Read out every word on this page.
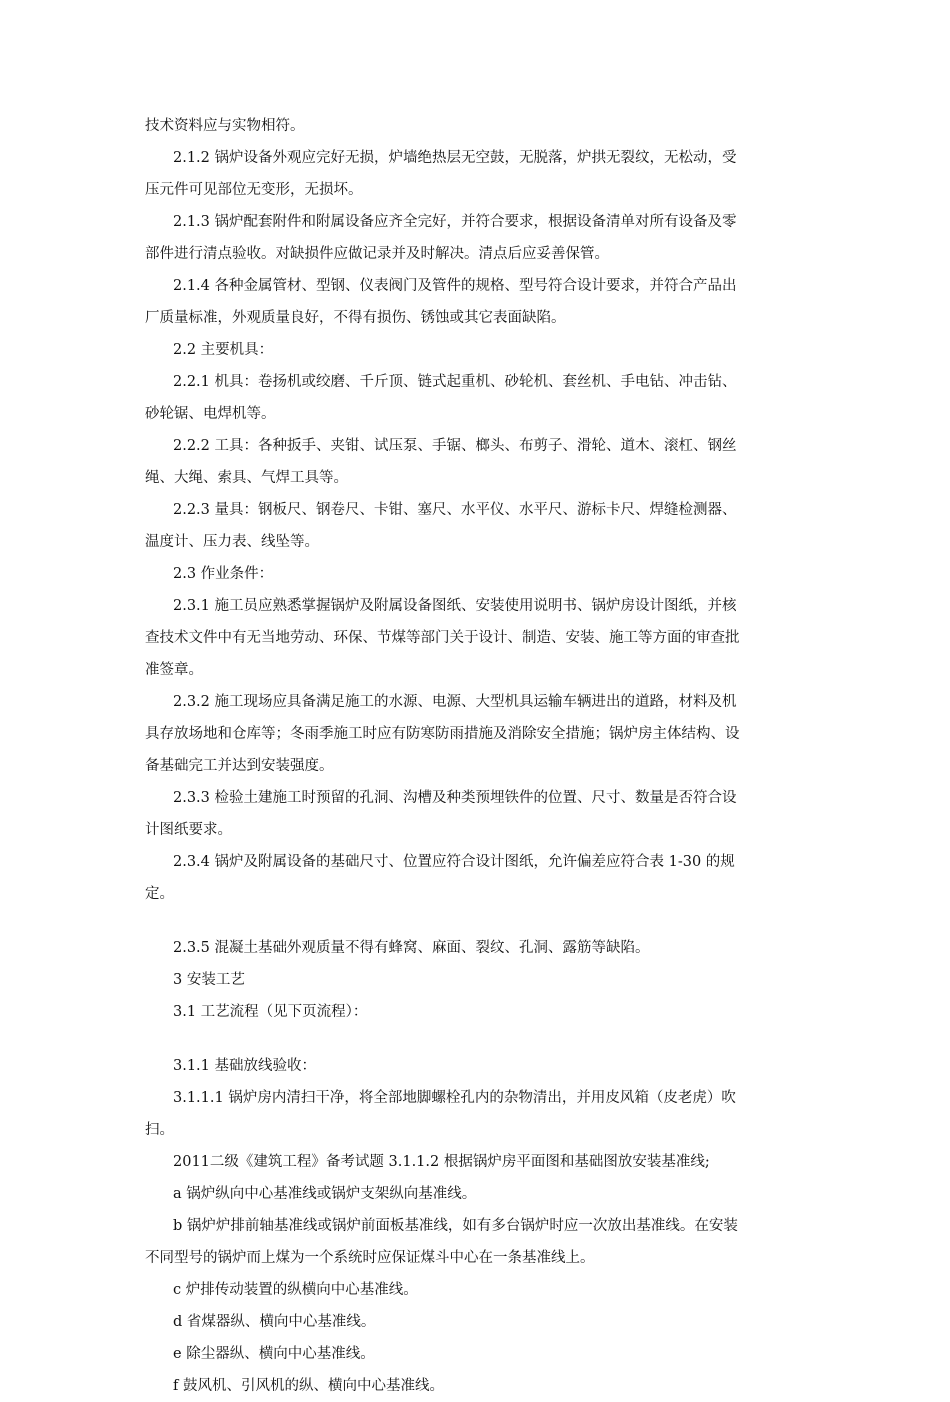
技术资料应与实物相符。
2.1.2 锅炉设备外观应完好无损，炉墙绝热层无空鼓，无脱落，炉拱无裂纹，无松动，受
压元件可见部位无变形，无损坏。
2.1.3 锅炉配套附件和附属设备应齐全完好，并符合要求，根据设备清单对所有设备及零
部件进行清点验收。对缺损件应做记录并及时解决。清点后应妥善保管。
2.1.4 各种金属管材、型钢、仪表阀门及管件的规格、型号符合设计要求，并符合产品出
厂质量标准，外观质量良好，不得有损伤、锈蚀或其它表面缺陷。
2.2 主要机具：
2.2.1 机具：卷扬机或绞磨、千斤顶、链式起重机、砂轮机、套丝机、手电钻、冲击钻、
砂轮锯、电焊机等。
2.2.2 工具：各种扳手、夹钳、试压泵、手锯、榔头、布剪子、滑轮、道木、滚杠、钢丝
绳、大绳、索具、气焊工具等。
2.2.3 量具：钢板尺、钢卷尺、卡钳、塞尺、水平仪、水平尺、游标卡尺、焊缝检测器、
温度计、压力表、线坠等。
2.3 作业条件：
2.3.1 施工员应熟悉掌握锅炉及附属设备图纸、安装使用说明书、锅炉房设计图纸，并核
查技术文件中有无当地劳动、环保、节煤等部门关于设计、制造、安装、施工等方面的审查批
准签章。
2.3.2 施工现场应具备满足施工的水源、电源、大型机具运输车辆进出的道路，材料及机
具存放场地和仓库等；冬雨季施工时应有防寒防雨措施及消除安全措施；锅炉房主体结构、设
备基础完工并达到安装强度。
2.3.3 检验土建施工时预留的孔洞、沟槽及种类预埋铁件的位置、尺寸、数量是否符合设
计图纸要求。
2.3.4 锅炉及附属设备的基础尺寸、位置应符合设计图纸，允许偏差应符合表 1-30 的规
定。
2.3.5 混凝土基础外观质量不得有蜂窝、麻面、裂纹、孔洞、露筋等缺陷。
3 安装工艺
3.1 工艺流程（见下页流程）：
3.1.1 基础放线验收：
3.1.1.1 锅炉房内清扫干净，将全部地脚螺栓孔内的杂物清出，并用皮风箱（皮老虎）吹
扫。
2011二级《建筑工程》备考试题 3.1.1.2 根据锅炉房平面图和基础图放安装基准线;
a 锅炉纵向中心基准线或锅炉支架纵向基准线。
b 锅炉炉排前轴基准线或锅炉前面板基准线，如有多台锅炉时应一次放出基准线。在安装
不同型号的锅炉而上煤为一个系统时应保证煤斗中心在一条基准线上。
c 炉排传动装置的纵横向中心基准线。
d 省煤器纵、横向中心基准线。
e 除尘器纵、横向中心基准线。
f 鼓风机、引风机的纵、横向中心基准线。
